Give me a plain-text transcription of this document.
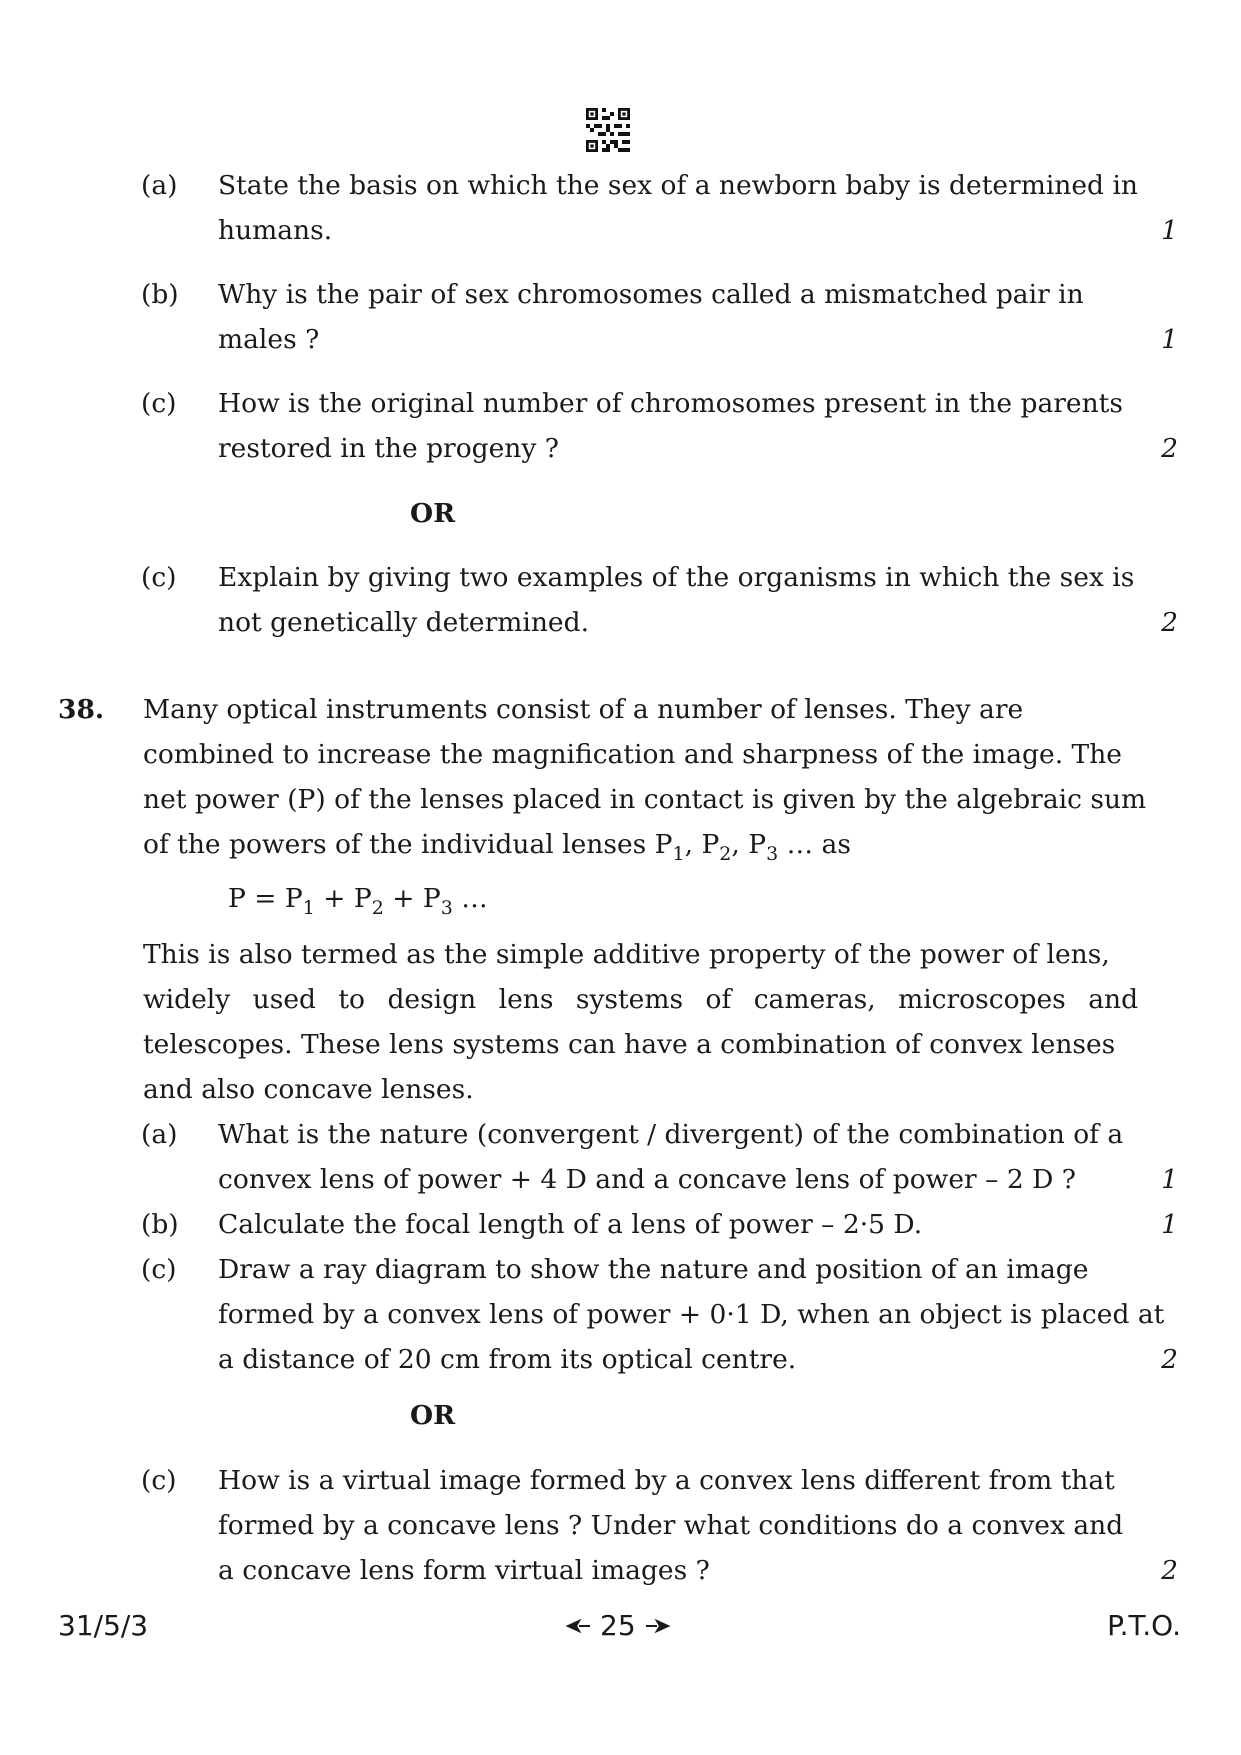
(a) State the basis on which the sex of a newborn baby is determined in
humans.	1
(b) Why is the pair of sex chromosomes called a mismatched pair in
males ?	1
(c) How is the original number of chromosomes present in the parents
restored in the progeny ?	2
OR
(c) Explain by giving two examples of the organisms in which the sex is
not genetically determined.	2
38. Many optical instruments consist of a number of lenses. They are
combined to increase the magnification and sharpness of the image. The
net power (P) of the lenses placed in contact is given by the algebraic sum
of the powers of the individual lenses $P_1$, $P_2$, $P_3$ … as
$P = P_1 + P_2 + P_3$ …
This is also termed as the simple additive property of the power of lens,
widely used to design lens systems of cameras, microscopes and
telescopes. These lens systems can have a combination of convex lenses
and also concave lenses.
(a) What is the nature (convergent / divergent) of the combination of a
convex lens of power + 4 D and a concave lens of power – 2 D ?	1
(b) Calculate the focal length of a lens of power – 2·5 D.	1
(c) Draw a ray diagram to show the nature and position of an image
formed by a convex lens of power + 0·1 D, when an object is placed at
a distance of 20 cm from its optical centre.	2
OR
(c) How is a virtual image formed by a convex lens different from that
formed by a concave lens ? Under what conditions do a convex and
a concave lens form virtual images ?	2
31/5/3	25	P.T.O.
